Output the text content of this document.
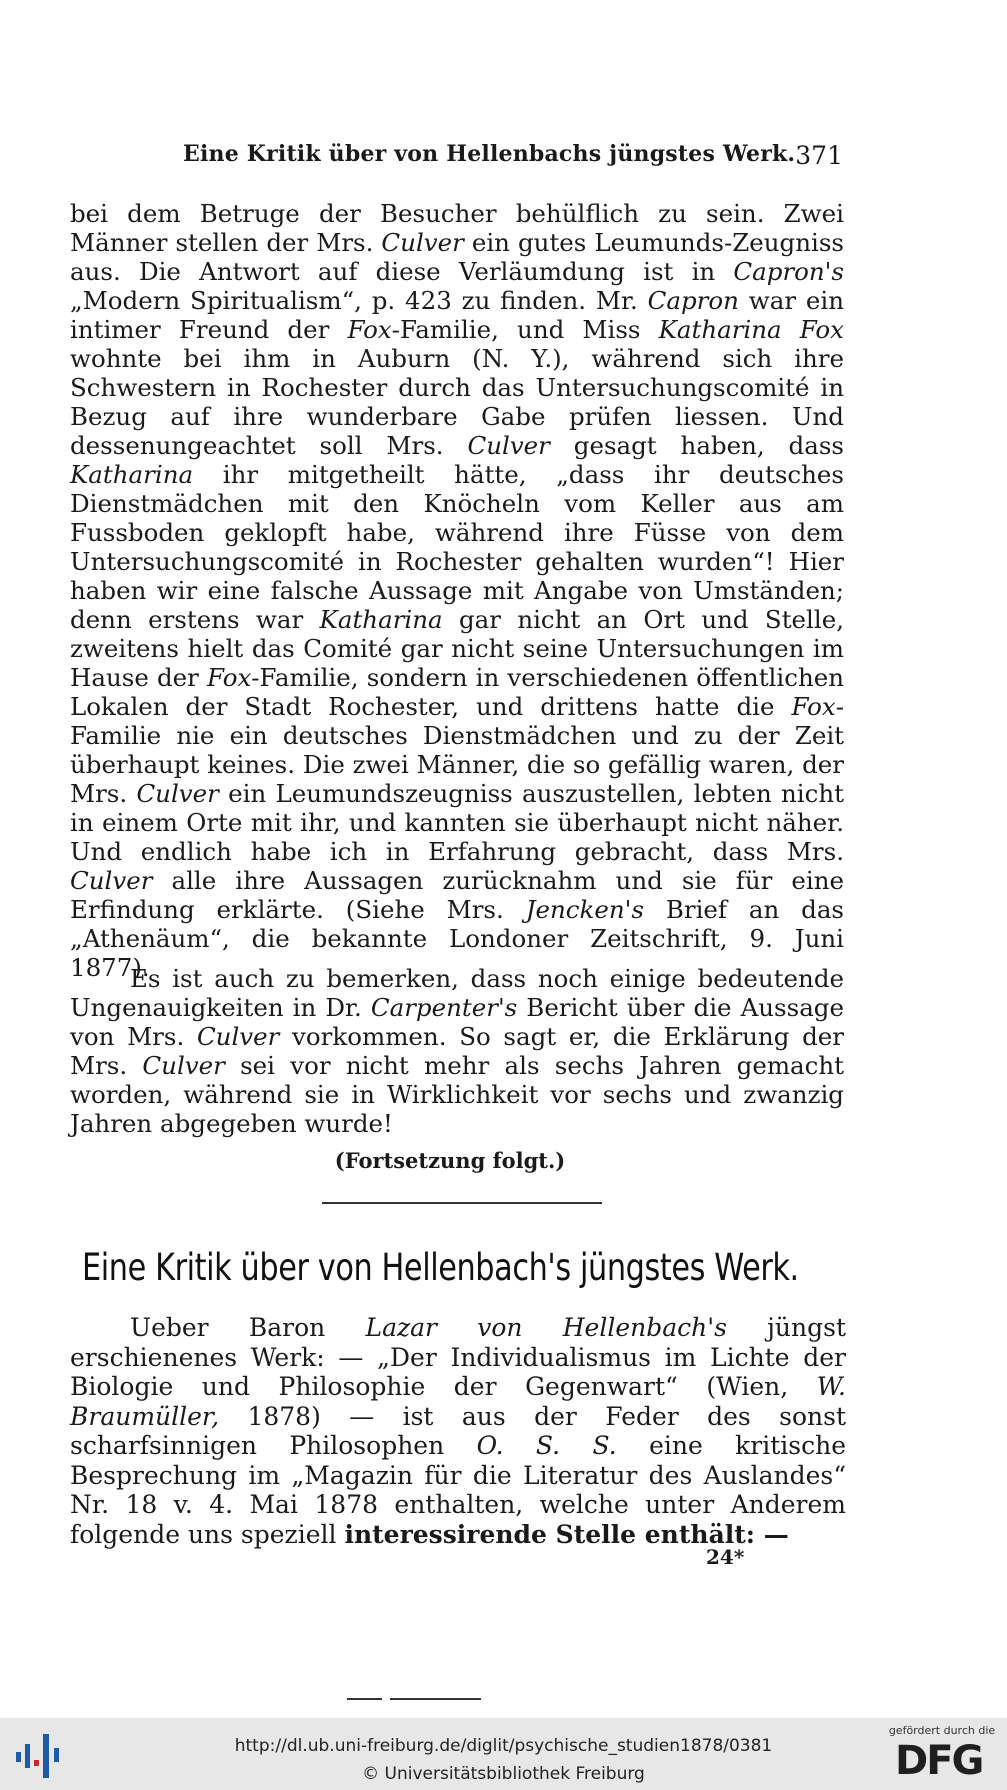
Eine Kritik über von Hellenbachs jüngstes Werk. 371

bei dem Betruge der Besucher behülflich zu sein. Zwei Männer stellen der Mrs. Culver ein gutes Leumunds-Zeugniss aus. Die Antwort auf diese Verläumdung ist in Capron's „Modern Spiritualism“, p. 423 zu finden. Mr. Capron war ein intimer Freund der Fox-Familie, und Miss Katharina Fox wohnte bei ihm in Auburn (N. Y.), während sich ihre Schwestern in Rochester durch das Untersuchungscomité in Bezug auf ihre wunderbare Gabe prüfen liessen. Und dessenungeachtet soll Mrs. Culver gesagt haben, dass Katharina ihr mitgetheilt hätte, „dass ihr deutsches Dienstmädchen mit den Knöcheln vom Keller aus am Fussboden geklopft habe, während ihre Füsse von dem Untersuchungscomité in Rochester gehalten wurden“! Hier haben wir eine falsche Aussage mit Angabe von Umständen; denn erstens war Katharina gar nicht an Ort und Stelle, zweitens hielt das Comité gar nicht seine Untersuchungen im Hause der Fox-Familie, sondern in verschiedenen öffentlichen Lokalen der Stadt Rochester, und drittens hatte die Fox-Familie nie ein deutsches Dienstmädchen und zu der Zeit überhaupt keines. Die zwei Männer, die so gefällig waren, der Mrs. Culver ein Leumundszeugniss auszustellen, lebten nicht in einem Orte mit ihr, und kannten sie überhaupt nicht näher. Und endlich habe ich in Erfahrung gebracht, dass Mrs. Culver alle ihre Aussagen zurücknahm und sie für eine Erfindung erklärte. (Siehe Mrs. Jencken's Brief an das „Athenäum“, die bekannte Londoner Zeitschrift, 9. Juni 1877).

Es ist auch zu bemerken, dass noch einige bedeutende Ungenauigkeiten in Dr. Carpenter's Bericht über die Aussage von Mrs. Culver vorkommen. So sagt er, die Erklärung der Mrs. Culver sei vor nicht mehr als sechs Jahren gemacht worden, während sie in Wirklichkeit vor sechs und zwanzig Jahren abgegeben wurde!

(Fortsetzung folgt.)
Eine Kritik über von Hellenbach's jüngstes Werk.

Ueber Baron Lazar von Hellenbach's jüngst erschienenes Werk: — „Der Individualismus im Lichte der Biologie und Philosophie der Gegenwart“ (Wien, W. Braumüller, 1878) — ist aus der Feder des sonst scharfsinnigen Philosophen O. S. S. eine kritische Besprechung im „Magazin für die Literatur des Auslandes“ Nr. 18 v. 4. Mai 1878 enthalten, welche unter Anderem folgende uns speziell interessirende Stelle enthält: —

24*
http://dl.ub.uni-freiburg.de/diglit/psychische_studien1878/0381
© Universitätsbibliothek Freiburg
gefördert durch die
DFG
